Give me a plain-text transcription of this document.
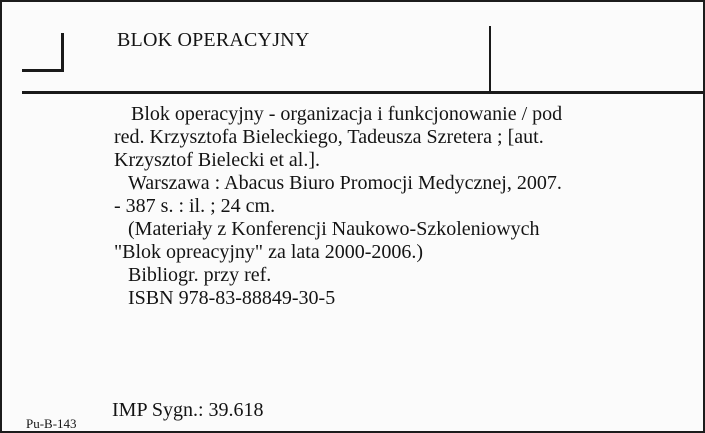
BLOK OPERACYJNY
Blok operacyjny - organizacja i funkcjonowanie / pod
red. Krzysztofa Bieleckiego, Tadeusza Szretera ; [aut.
Krzysztof Bielecki et al.].
Warszawa : Abacus Biuro Promocji Medycznej, 2007.
- 387 s. : il. ; 24 cm.
(Materiały z Konferencji Naukowo-Szkoleniowych
"Blok opreacyjny" za lata 2000-2006.)
Bibliogr. przy ref.
ISBN 978-83-88849-30-5
IMP Sygn.: 39.618
Pu-B-143
